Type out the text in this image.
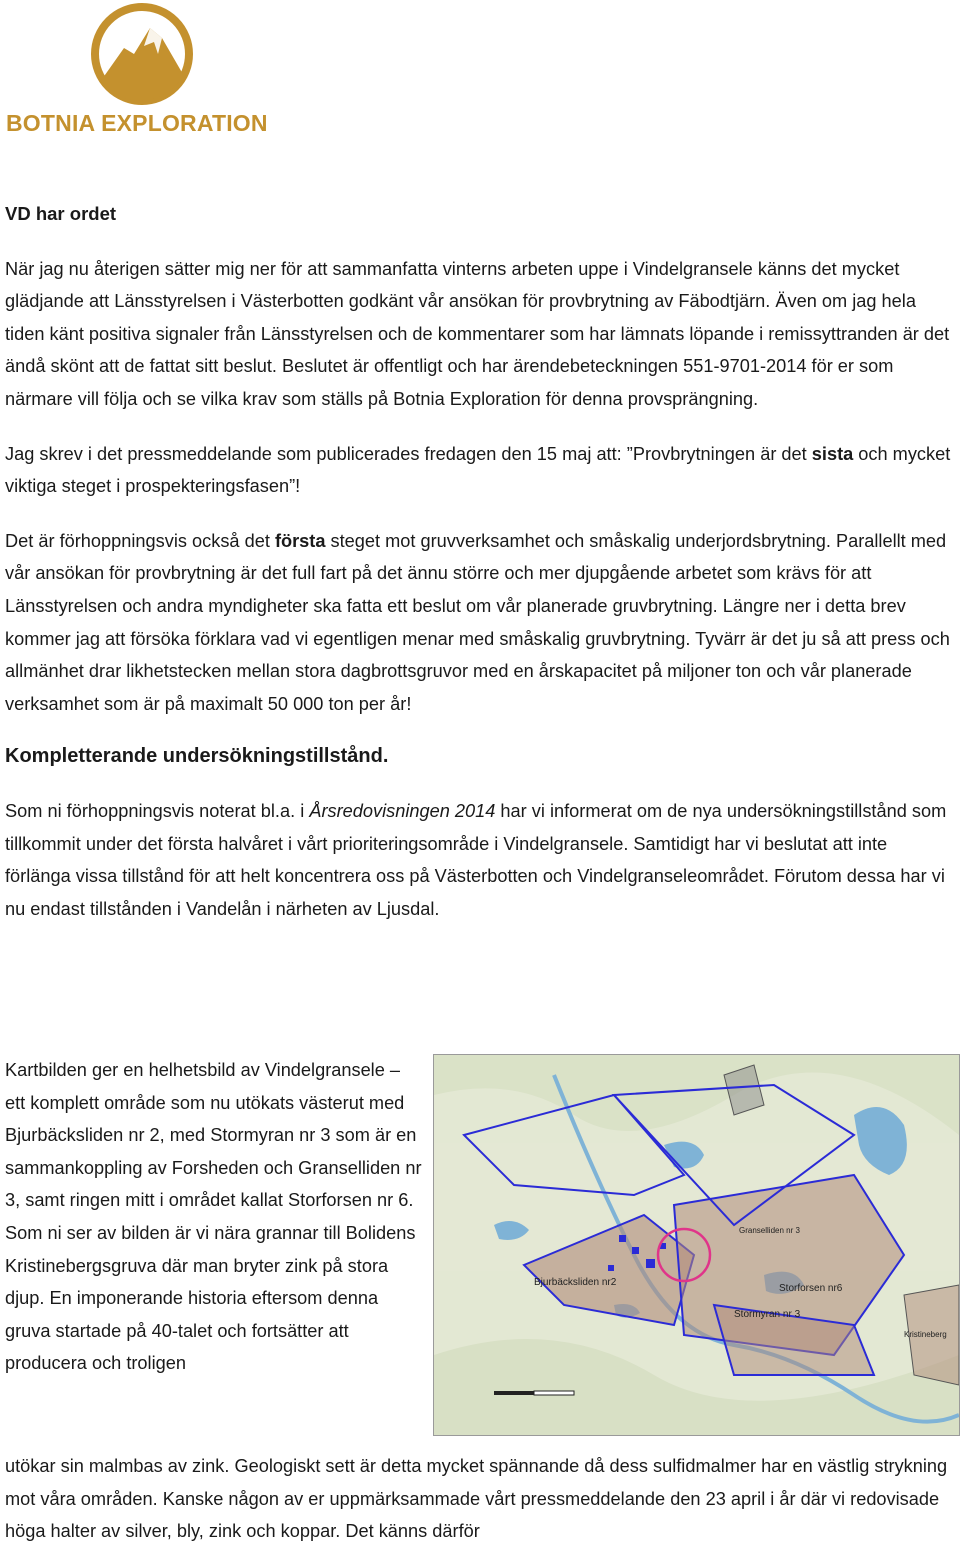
BOTNIA EXPLORATION

VD har ordet

När jag nu återigen sätter mig ner för att sammanfatta vinterns arbeten uppe i Vindelgransele känns det mycket glädjande att Länsstyrelsen i Västerbotten godkänt vår ansökan för provbrytning av Fäbodtjärn. Även om jag hela tiden känt positiva signaler från Länsstyrelsen och de kommentarer som har lämnats löpande i remissyttranden är det ändå skönt att de fattat sitt beslut. Beslutet är offentligt och har ärendebeteckningen 551-9701-2014 för er som närmare vill följa och se vilka krav som ställs på Botnia Exploration för denna provsprängning.

Jag skrev i det pressmeddelande som publicerades fredagen den 15 maj att: ”Provbrytningen är det sista och mycket viktiga steget i prospekteringsfasen”!

Det är förhoppningsvis också det första steget mot gruvverksamhet och småskalig underjordsbrytning. Parallellt med vår ansökan för provbrytning är det full fart på det ännu större och mer djupgående arbetet som krävs för att Länsstyrelsen och andra myndigheter ska fatta ett beslut om vår planerade gruvbrytning. Längre ner i detta brev kommer jag att försöka förklara vad vi egentligen menar med småskalig gruvbrytning. Tyvärr är det ju så att press och allmänhet drar likhetstecken mellan stora dagbrottsgruvor med en årskapacitet på miljoner ton och vår planerade verksamhet som är på maximalt 50 000 ton per år!

Kompletterande undersökningstillstånd.

Som ni förhoppningsvis noterat bl.a. i Årsredovisningen 2014 har vi informerat om de nya undersökningstillstånd som tillkommit under det första halvåret i vårt prioriteringsområde i Vindelgransele. Samtidigt har vi beslutat att inte förlänga vissa tillstånd för att helt koncentrera oss på Västerbotten och Vindelgranseleområdet. Förutom dessa har vi nu endast tillstånden i Vandelån i närheten av Ljusdal.

Kartbilden ger en helhetsbild av Vindelgransele – ett komplett område som nu utökats västerut med Bjurbäcksliden nr 2, med Stormyran nr 3 som är en sammankoppling av Forsheden och Granselliden nr 3, samt ringen mitt i området kallat Storforsen nr 6. Som ni ser av bilden är vi nära grannar till Bolidens Kristinebergsgruva där man bryter zink på stora djup. En imponerande historia eftersom denna gruva startade på 40-talet och fortsätter att producera och troligen

Bjurbäcksliden nr2
Storforsen nr6
Stormyran nr 3
Granselliden nr 3
Kristineberg

utökar sin malmbas av zink. Geologiskt sett är detta mycket spännande då dess sulfidmalmer har en västlig strykning mot våra områden. Kanske någon av er uppmärksammade vårt pressmeddelande den 23 april i år där vi redovisade höga halter av silver, bly, zink och koppar. Det känns därför
